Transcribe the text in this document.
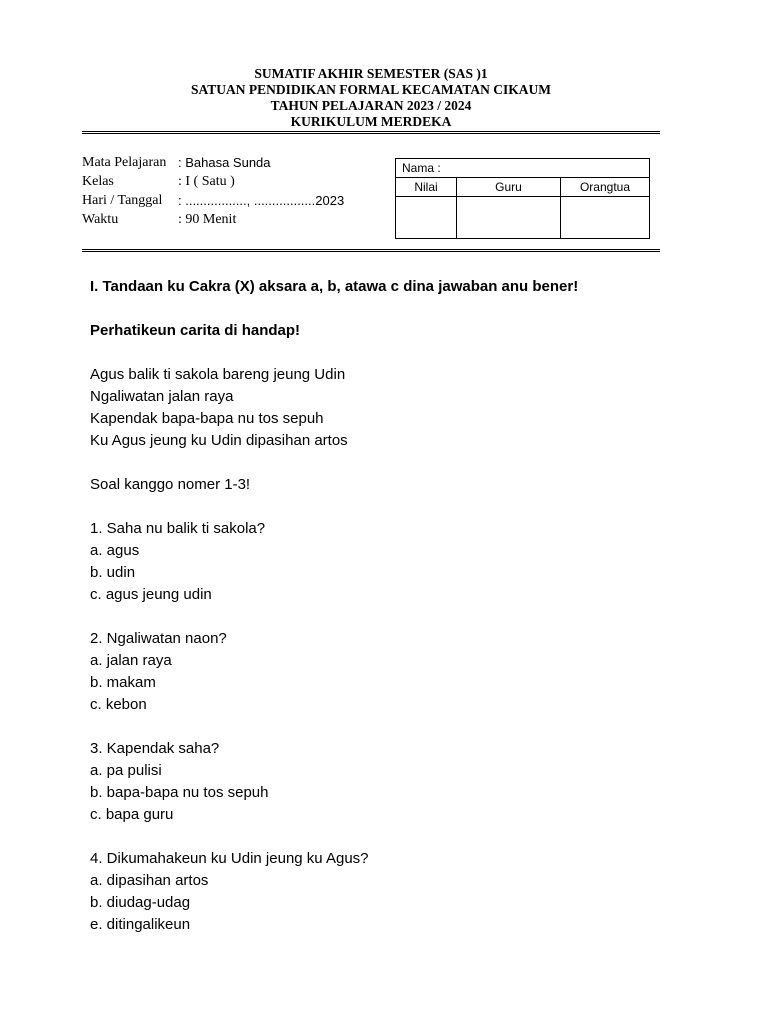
SUMATIF AKHIR SEMESTER (SAS )1
SATUAN PENDIDIKAN FORMAL KECAMATAN CIKAUM
TAHUN PELAJARAN 2023 / 2024
KURIKULUM MERDEKA
Mata Pelajaran : Bahasa Sunda
Kelas	: I ( Satu )
Hari / Tanggal	: ................., .................2023
Waktu	: 90 Menit
Nama :		
Nilai	Guru	Orangtua

I. Tandaan ku Cakra (X) aksara a, b, atawa c dina jawaban anu bener!

Perhatikeun carita di handap!

Agus balik ti sakola bareng jeung Udin

Ngaliwatan jalan raya

Kapendak bapa-bapa nu tos sepuh

Ku Agus jeung ku Udin dipasihan artos

Soal kanggo nomer 1-3!

1. Saha nu balik ti sakola?

a. agus

b. udin

c. agus jeung udin

2. Ngaliwatan naon?

a. jalan raya

b. makam

c. kebon

3. Kapendak saha?

a. pa pulisi

b. bapa-bapa nu tos sepuh

c. bapa guru

4. Dikumahakeun ku Udin jeung ku Agus?

a. dipasihan artos

b. diudag-udag

e. ditingalikeun
